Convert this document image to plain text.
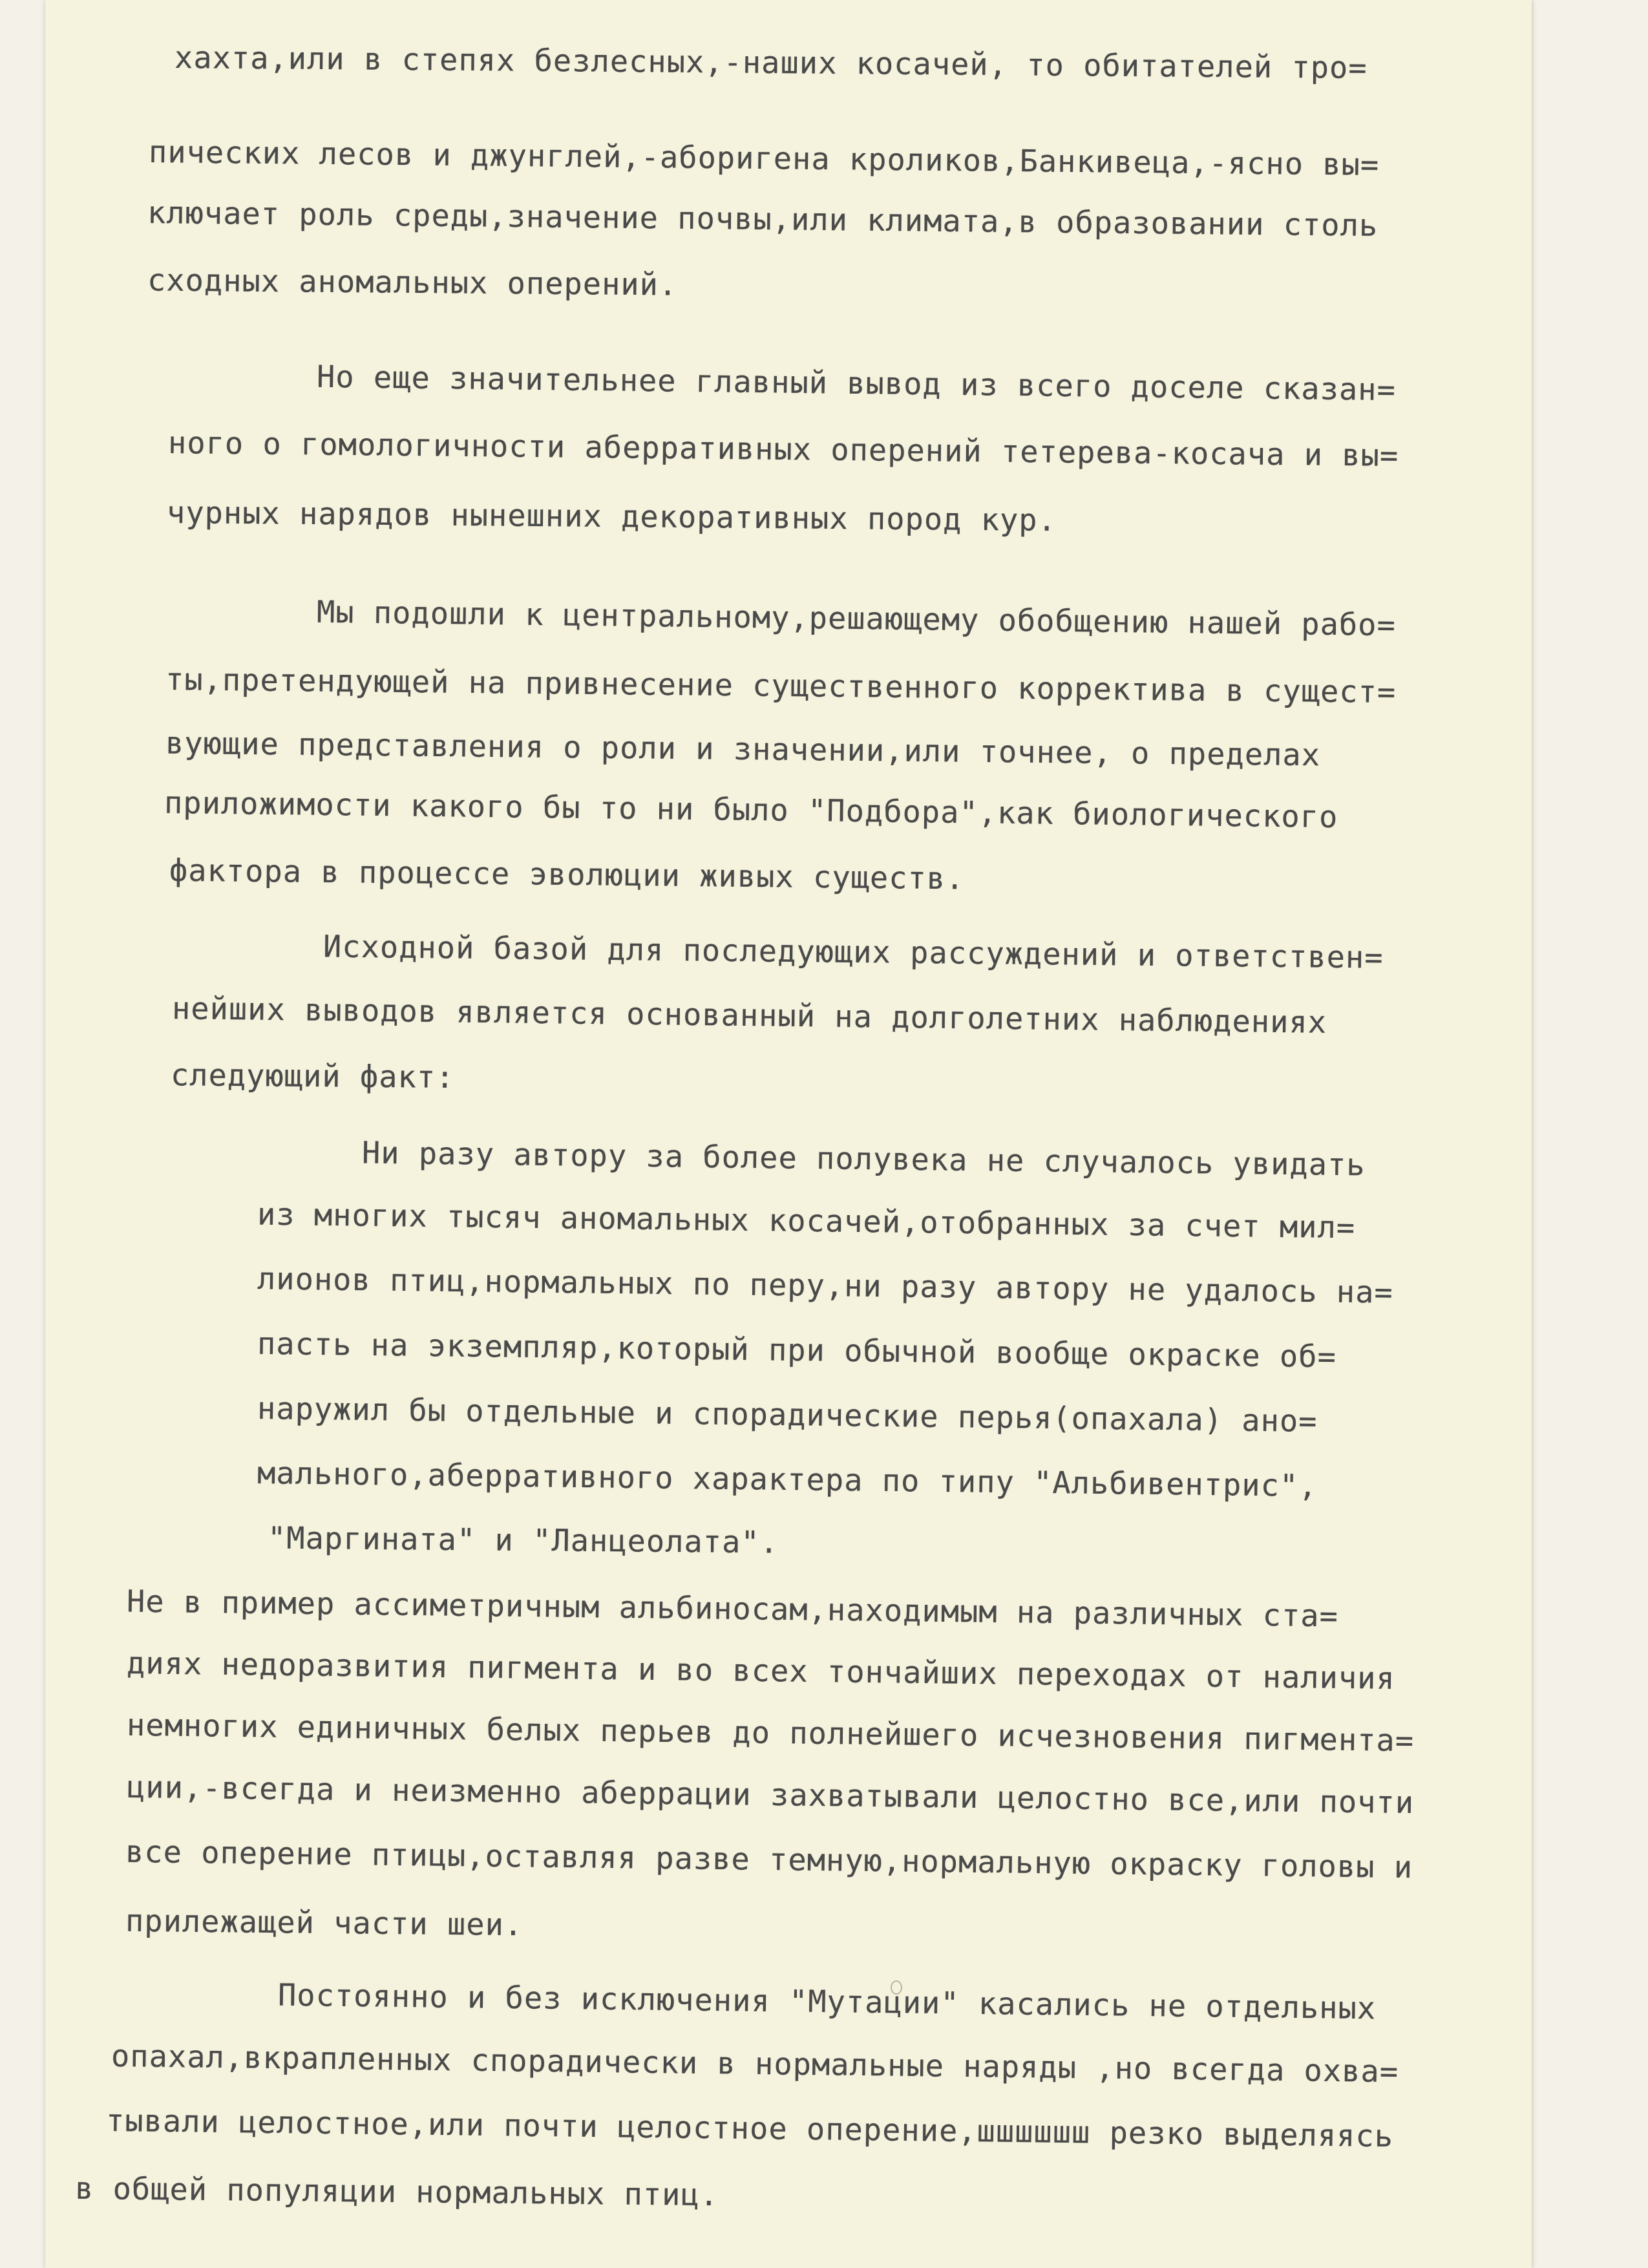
хахта,или в степях безлесных,-наших косачей, то обитателей тро=

пических лесов и джунглей,-аборигена кроликов,Банкивеца,-ясно вы=

ключает роль среды,значение почвы,или климата,в образовании столь

сходных аномальных оперений.

Но еще значительнее главный вывод из всего доселе сказан=

ного о гомологичности аберративных оперений тетерева-косача и вы=

чурных нарядов нынешних декоративных пород кур.

Мы подошли к центральному,решающему обобщению нашей рабо=

ты,претендующей на привнесение существенного корректива в сущест=

вующие представления о роли и значении,или точнее, о пределах

приложимости какого бы то ни было "Подбора",как биологического

фактора в процессе эволюции живых существ.

Исходной базой для последующих рассуждений и ответствен=

нейших выводов является основанный на долголетних наблюдениях

следующий факт:

Ни разу автору за более полувека не случалось увидать

из многих тысяч аномальных косачей,отобранных за счет мил=

лионов птиц,нормальных по перу,ни разу автору не удалось на=

пасть на экземпляр,который при обычной вообще окраске об=

наружил бы отдельные и спорадические перья(опахала) ано=

мального,аберративного характера по типу "Альбивентрис",

"Маргината" и "Ланцеолата".

Не в пример ассиметричным альбиносам,находимым на различных ста=

диях недоразвития пигмента и во всех тончайших переходах от наличия

немногих единичных белых перьев до полнейшего исчезновения пигмента=

ции,-всегда и неизменно аберрации захватывали целостно все,или почти

все оперение птицы,оставляя разве темную,нормальную окраску головы и

прилежащей части шеи.

Постоянно и без исключения "Мутации" касались не отдельных

опахал,вкрапленных спорадически в нормальные наряды ,но всегда охва=

тывали целостное,или почти целостное оперение,шшшшшш резко выделяясь

в общей популяции нормальных птиц.
